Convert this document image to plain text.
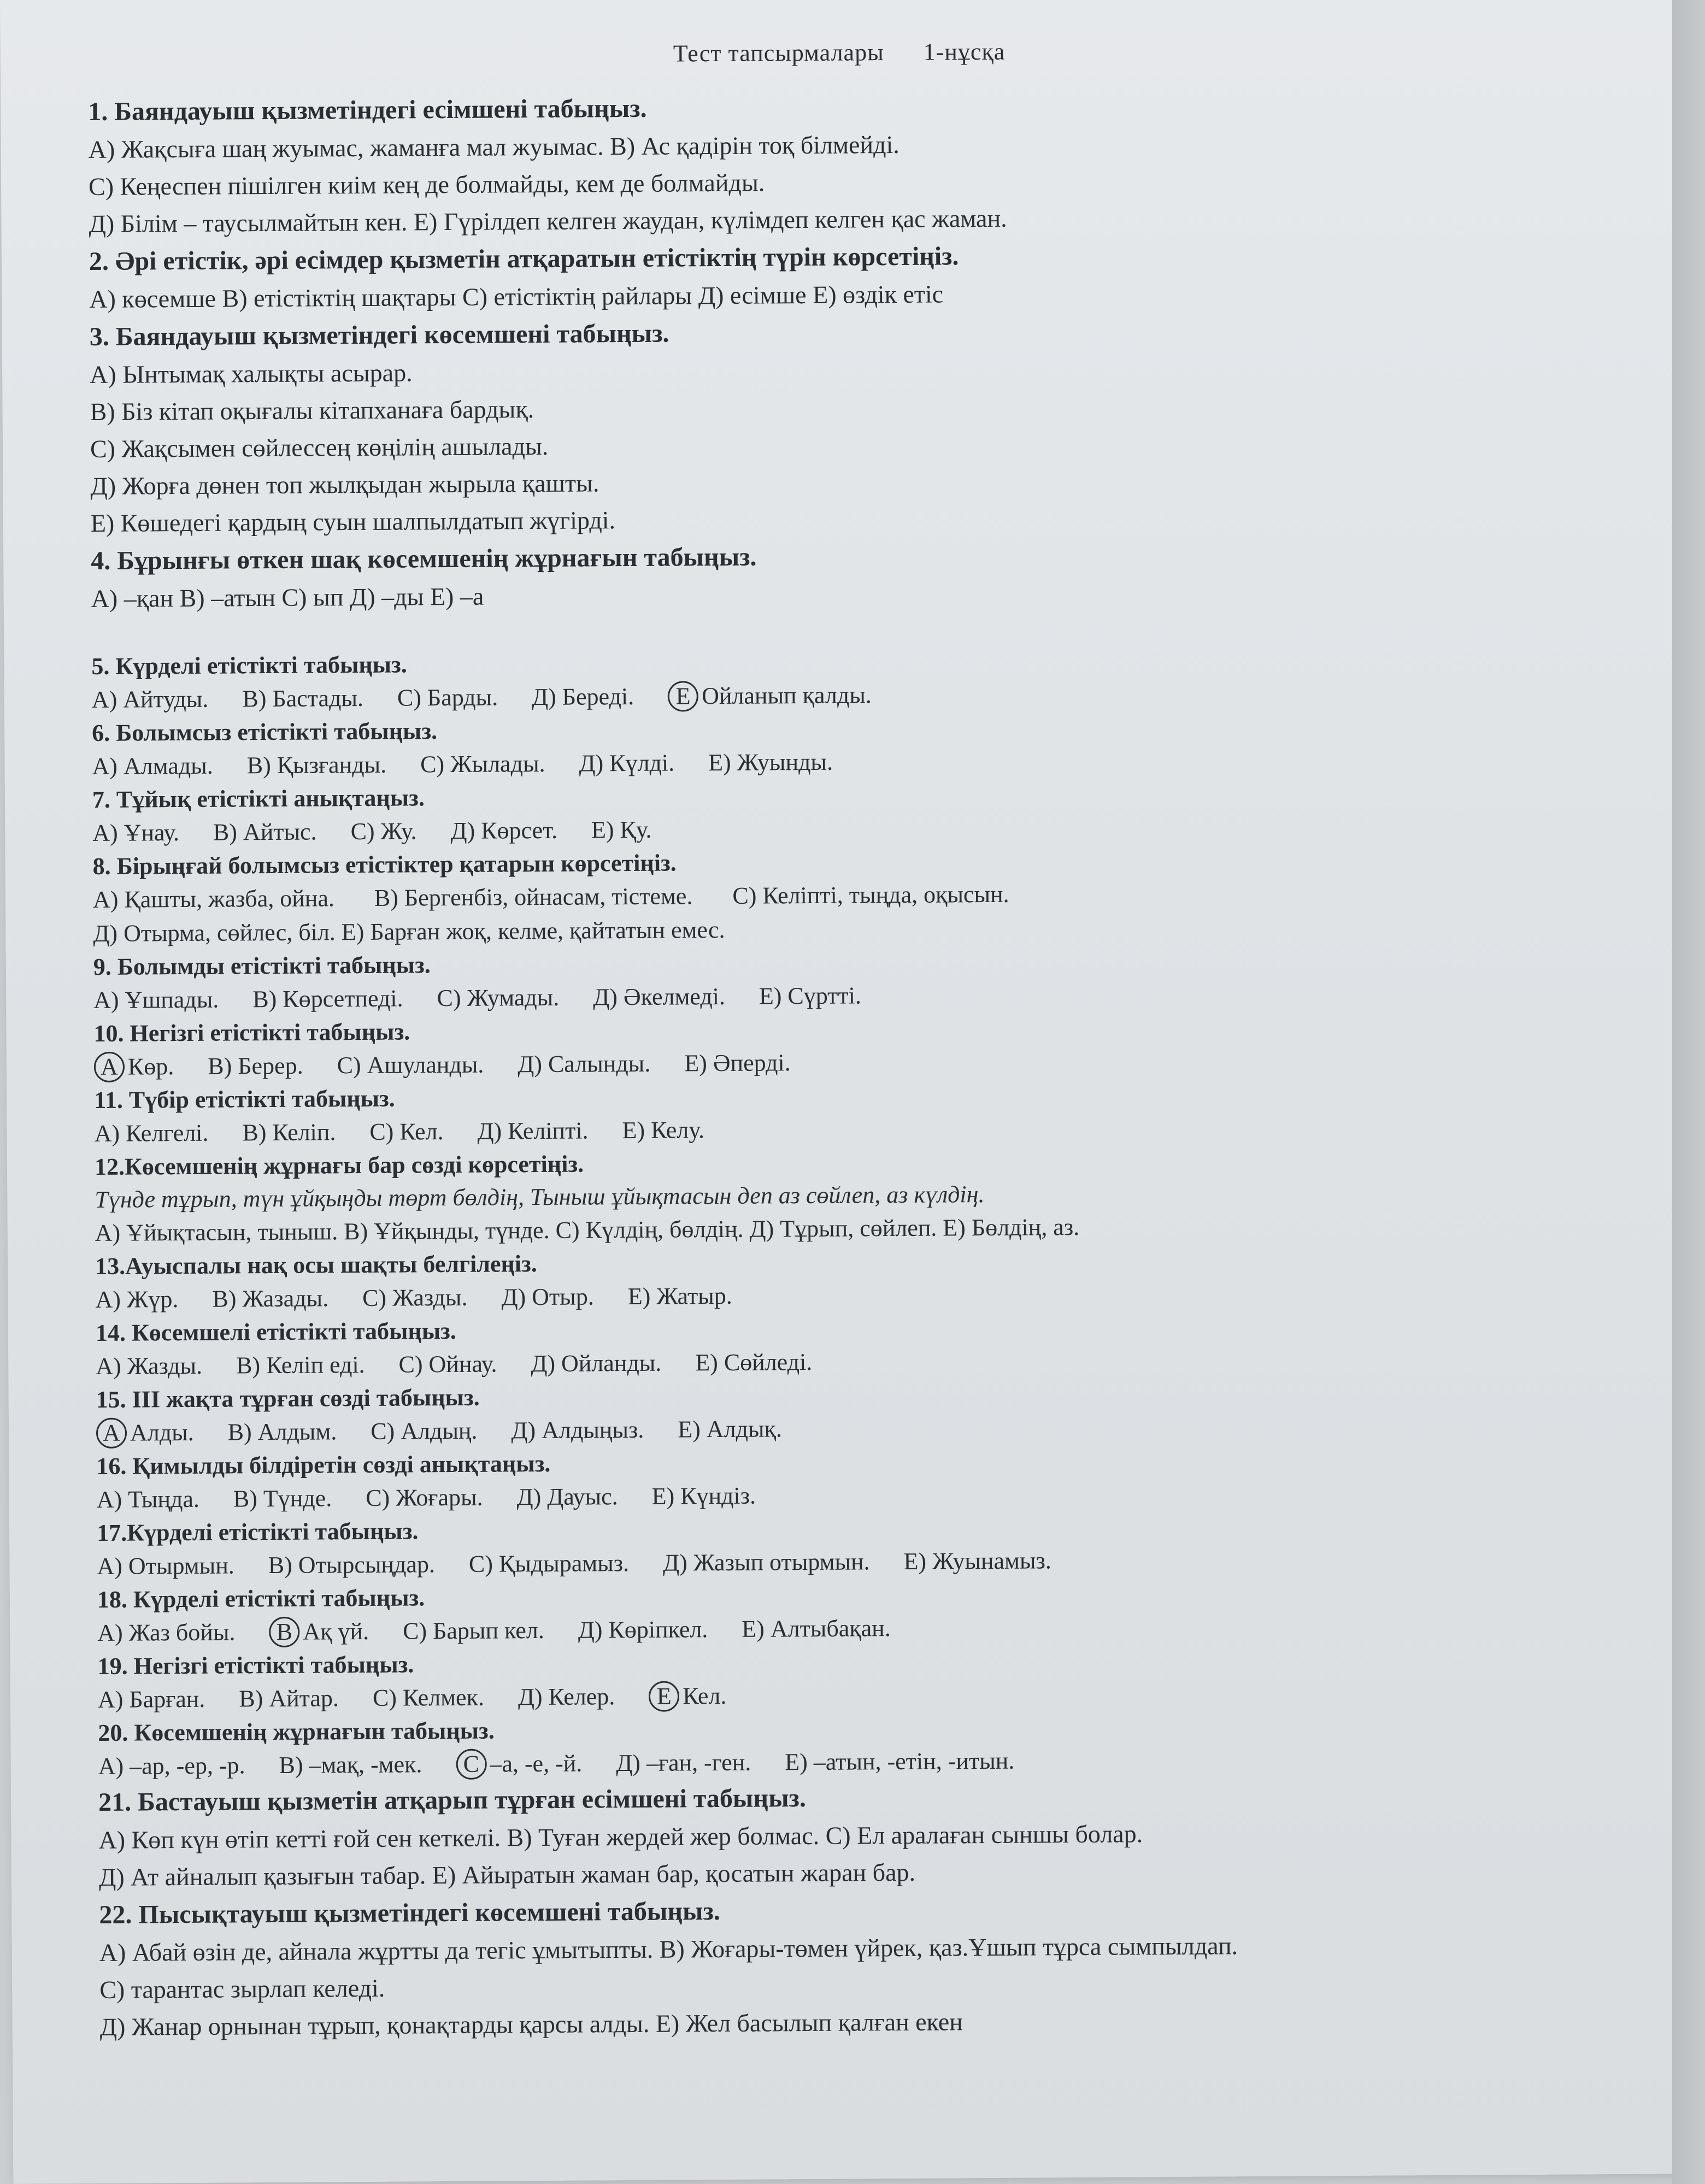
Тест тапсырмалары 1-нұсқа

1. Баяндауыш қызметіндегі есімшені табыңыз.

А) Жақсыға шаң жуымас, жаманға мал жуымас. В) Ас қадірін тоқ білмейді.

С) Кеңеспен пішілген киім кең де болмайды, кем де болмайды.

Д) Білім – таусылмайтын кен. Е) Гүрілдеп келген жаудан, күлімдеп келген қас жаман.

2. Әрі етістік, әрі есімдер қызметін атқаратын етістіктің түрін көрсетіңіз.

А) көсемше В) етістіктің шақтары С) етістіктің райлары Д) есімше Е) өздік етіс

3. Баяндауыш қызметіндегі көсемшені табыңыз.

А) Ынтымақ халықты асырар.

В) Біз кітап оқығалы кітапханаға бардық.

С) Жақсымен сөйлессең көңілің ашылады.

Д) Жорға дөнен топ жылқыдан жырыла қашты.

Е) Көшедегі қардың суын шалпылдатып жүгірді.

4. Бұрынғы өткен шақ көсемшенің жұрнағын табыңыз.

А) –қан В) –атын С) ып Д) –ды Е) –а

5. Күрделі етістікті табыңыз.

А) Айтуды. В) Бастады. С) Барды. Д) Береді. Е Ойланып қалды.

6. Болымсыз етістікті табыңыз.

А) Алмады. В) Қызғанды. С) Жылады. Д) Күлді. Е) Жуынды.

7. Тұйық етістікті анықтаңыз.

А) Ұнау. В) Айтыс. С) Жу. Д) Көрсет. Е) Қу.

8. Бірыңғай болымсыз етістіктер қатарын көрсетіңіз.

А) Қашты, жазба, ойна. В) Бергенбіз, ойнасам, тістеме. С) Келіпті, тыңда, оқысын.

Д) Отырма, сөйлес, біл. Е) Барған жоқ, келме, қайтатын емес.

9. Болымды етістікті табыңыз.

А) Ұшпады. В) Көрсетпеді. С) Жумады. Д) Әкелмеді. Е) Сүртті.

10. Негізгі етістікті табыңыз.

А Көр. В) Берер. С) Ашуланды. Д) Салынды. Е) Әперді.

11. Түбір етістікті табыңыз.

А) Келгелі. В) Келіп. С) Кел. Д) Келіпті. Е) Келу.

12.Көсемшенің жұрнағы бар сөзді көрсетіңіз.

Түнде тұрып, түн ұйқыңды төрт бөлдің, Тыныш ұйықтасын деп аз сөйлеп, аз күлдің.

А) Ұйықтасын, тыныш. В) Ұйқынды, түнде. С) Күлдің, бөлдің. Д) Тұрып, сөйлеп. Е) Бөлдің, аз.

13.Ауыспалы нақ осы шақты белгілеңіз.

А) Жүр. В) Жазады. С) Жазды. Д) Отыр. Е) Жатыр.

14. Көсемшелі етістікті табыңыз.

А) Жазды. В) Келіп еді. С) Ойнау. Д) Ойланды. Е) Сөйледі.

15. ІІІ жақта тұрған сөзді табыңыз.

А Алды. В) Алдым. С) Алдың. Д) Алдыңыз. Е) Алдық.

16. Қимылды білдіретін сөзді анықтаңыз.

А) Тыңда. В) Түнде. С) Жоғары. Д) Дауыс. Е) Күндіз.

17.Күрделі етістікті табыңыз.

А) Отырмын. В) Отырсыңдар. С) Қыдырамыз. Д) Жазып отырмын. Е) Жуынамыз.

18. Күрделі етістікті табыңыз.

А) Жаз бойы. В Ақ үй. С) Барып кел. Д) Көріпкел. Е) Алтыбақан.

19. Негізгі етістікті табыңыз.

А) Барған. В) Айтар. С) Келмек. Д) Келер. Е Кел.

20. Көсемшенің жұрнағын табыңыз.

А) –ар, -ер, -р. В) –мақ, -мек. С –а, -е, -й. Д) –ған, -ген. Е) –атын, -етін, -итын.

21. Бастауыш қызметін атқарып тұрған есімшені табыңыз.

А) Көп күн өтіп кетті ғой сен кеткелі. В) Туған жердей жер болмас. С) Ел аралаған сыншы болар.

Д) Ат айналып қазығын табар. Е) Айыратын жаман бар, қосатын жаран бар.

22. Пысықтауыш қызметіндегі көсемшені табыңыз.

А) Абай өзін де, айнала жұртты да тегіс ұмытыпты. В) Жоғары-төмен үйрек, қаз.Ұшып тұрса сымпылдап.

С) тарантас зырлап келеді.

Д) Жанар орнынан тұрып, қонақтарды қарсы алды. Е) Жел басылып қалған екен
